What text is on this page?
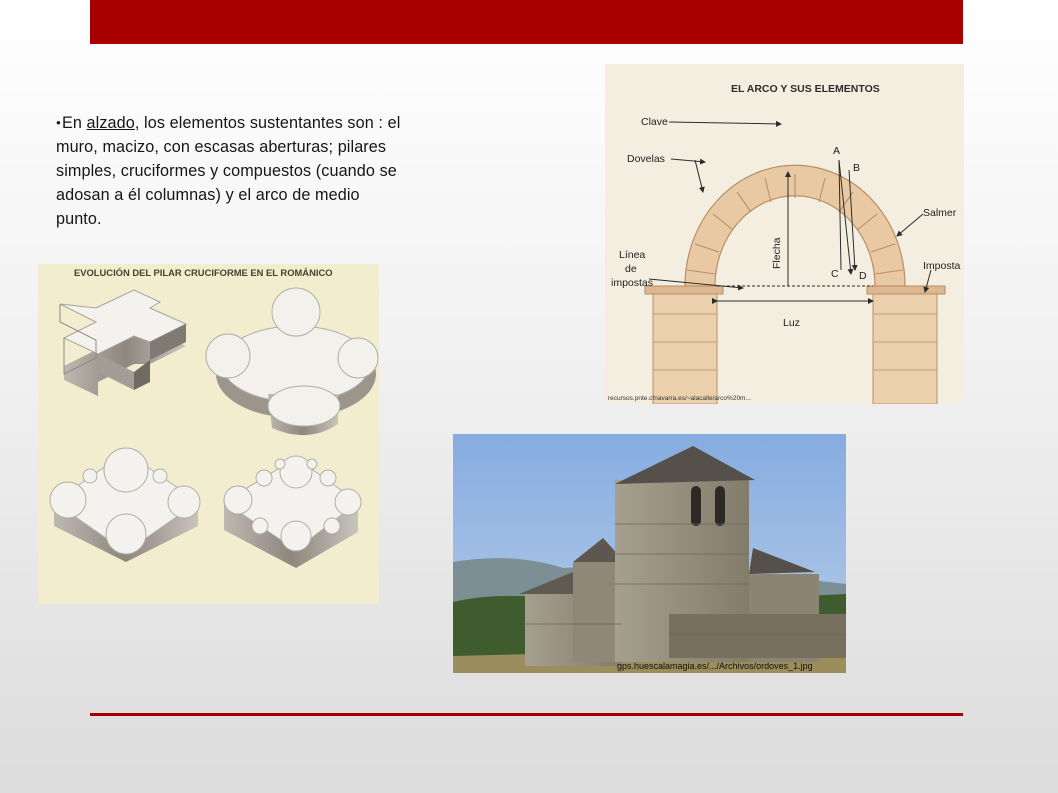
●En alzado, los elementos sustentantes son : el muro, macizo, con escasas aberturas; pilares simples, cruciformes y compuestos (cuando se adosan a él columnas) y el arco de medio punto.

EVOLUCIÓN DEL PILAR CRUCIFORME EN EL ROMÁNICO
EL ARCO Y SUS ELEMENTOS
Clave
Dovelas
Salmer
Línea
de
impostas
Imposta
Luz
Flecha
A
B
C D
recursos.pnte.cfnavarra.es/~alacalle/arco%20m...
gps.huescalamagia.es/.../Archivos/ordoves_1.jpg
